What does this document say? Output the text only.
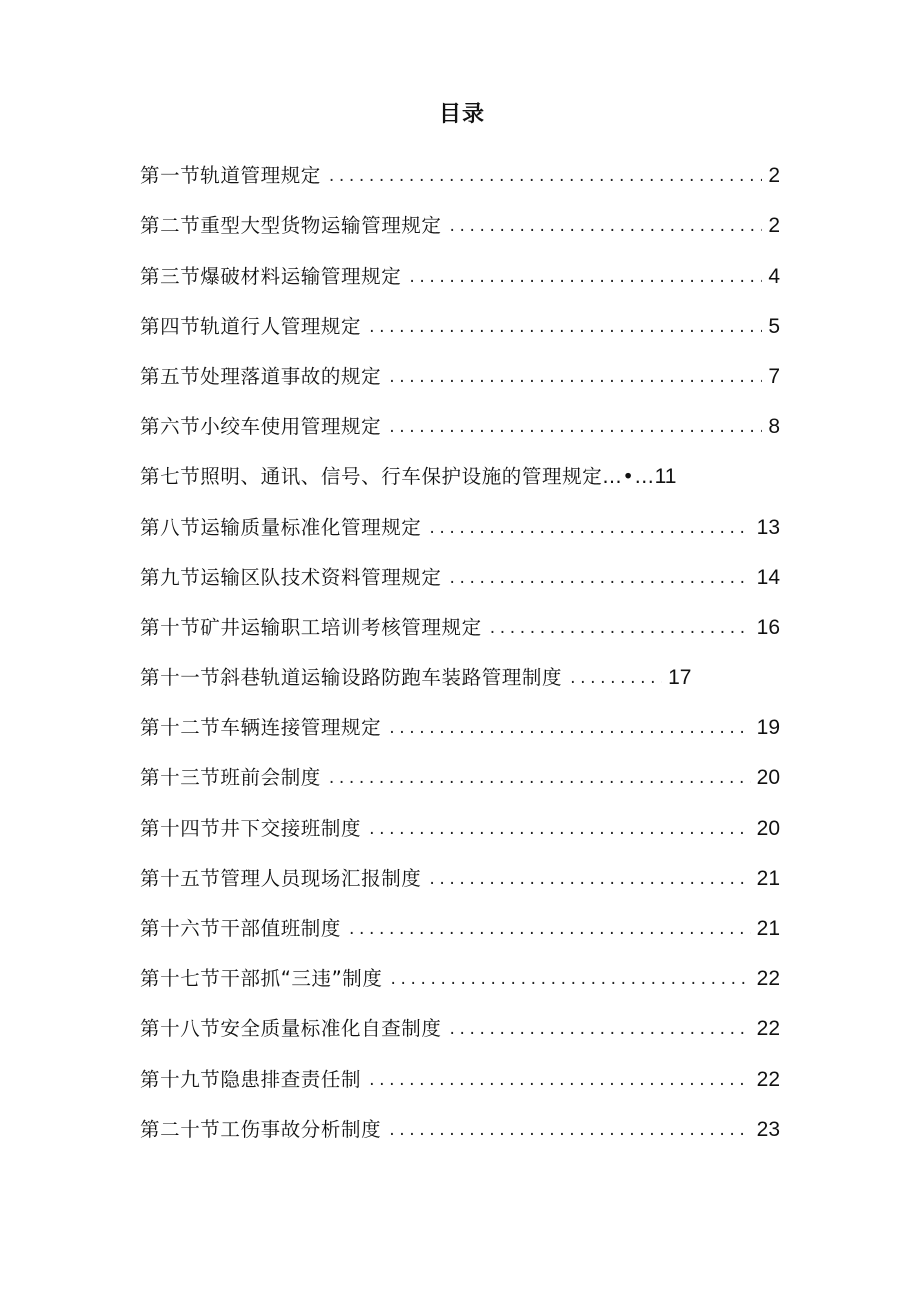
目录
第一节轨道管理规定 .....	2
第二节重型大型货物运输管理规定 .....	2
第三节爆破材料运输管理规定 .....	4
第四节轨道行人管理规定 .....	5
第五节处理落道事故的规定 .....	7
第六节小绞车使用管理规定 .....	8
第七节照明、通讯、信号、行车保护设施的管理规定…•… 11
第八节运输质量标准化管理规定 .....	13
第九节运输区队技术资料管理规定 .....	14
第十节矿井运输职工培训考核管理规定 .....	16
第十一节斜巷轨道运输设路防跑车装路管理制度 .....	17
第十二节车辆连接管理规定 .....	19
第十三节班前会制度 .....	20
第十四节井下交接班制度 .....	20
第十五节管理人员现场汇报制度 .....	21
第十六节干部值班制度 .....	21
第十七节干部抓“三违”制度 .....	22
第十八节安全质量标准化自查制度 .....	22
第十九节隐患排查责任制 .....	22
第二十节工伤事故分析制度 .....	23
